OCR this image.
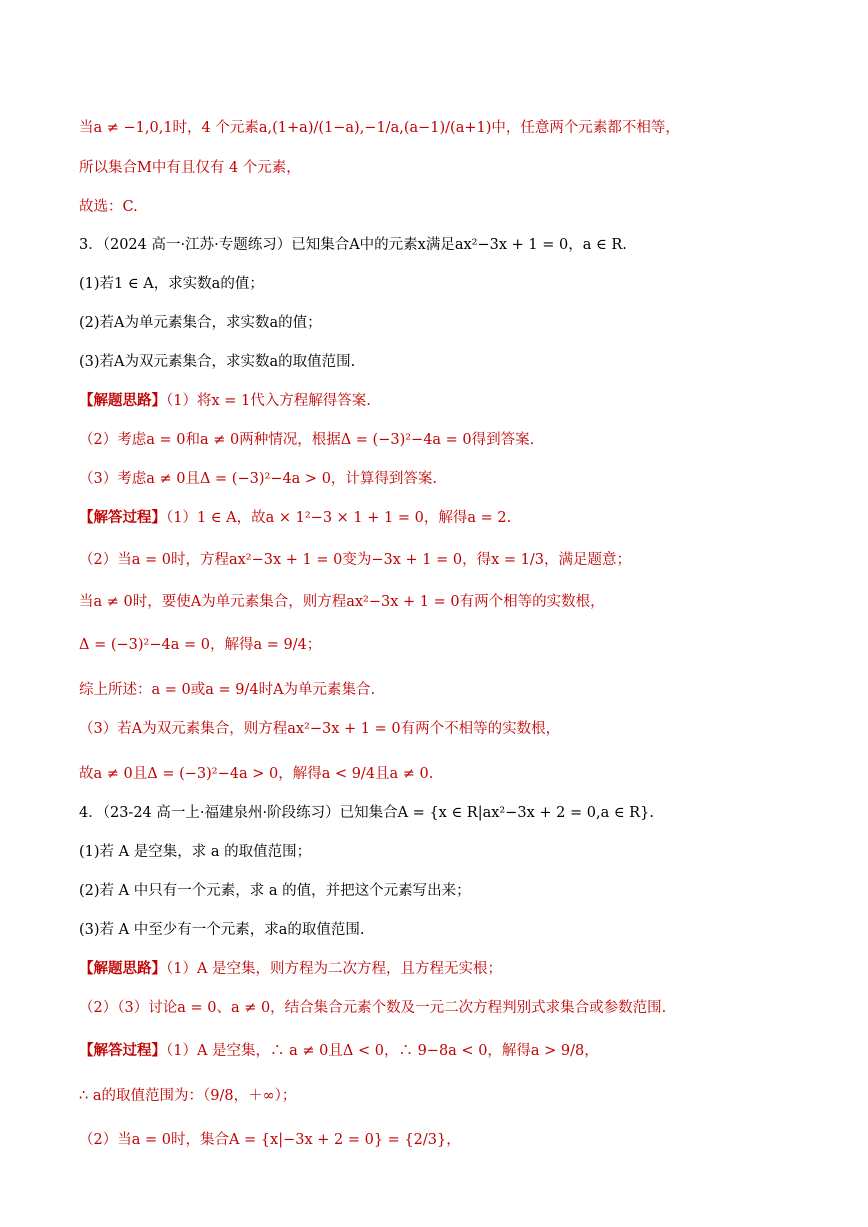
当a ≠ −1,0,1时，4 个元素a,(1+a)/(1−a),−1/a,(a−1)/(a+1)中，任意两个元素都不相等，
所以集合M中有且仅有 4 个元素，
故选：C.
3．（2024 高一·江苏·专题练习）已知集合A中的元素x满足ax²−3x + 1 = 0，a ∈ R.
(1)若1 ∈ A，求实数a的值；
(2)若A为单元素集合，求实数a的值；
(3)若A为双元素集合，求实数a的取值范围.
【解题思路】（1）将x = 1代入方程解得答案.
（2）考虑a = 0和a ≠ 0两种情况，根据Δ = (−3)²−4a = 0得到答案.
（3）考虑a ≠ 0且Δ = (−3)²−4a > 0，计算得到答案.
【解答过程】（1）1 ∈ A，故a × 1²−3 × 1 + 1 = 0，解得a = 2.
（2）当a = 0时，方程ax²−3x + 1 = 0变为−3x + 1 = 0，得x = 1/3，满足题意；
当a ≠ 0时，要使A为单元素集合，则方程ax²−3x + 1 = 0有两个相等的实数根，
Δ = (−3)²−4a = 0，解得a = 9/4；
综上所述：a = 0或a = 9/4时A为单元素集合.
（3）若A为双元素集合，则方程ax²−3x + 1 = 0有两个不相等的实数根，
故a ≠ 0且Δ = (−3)²−4a > 0，解得a < 9/4且a ≠ 0.
4．（23-24 高一上·福建泉州·阶段练习）已知集合A = {x ∈ R|ax²−3x + 2 = 0,a ∈ R}.
(1)若 A 是空集，求 a 的取值范围；
(2)若 A 中只有一个元素，求 a 的值，并把这个元素写出来；
(3)若 A 中至少有一个元素，求a的取值范围.
【解题思路】（1）A 是空集，则方程为二次方程，且方程无实根；
（2）（3）讨论a = 0、a ≠ 0，结合集合元素个数及一元二次方程判别式求集合或参数范围.
【解答过程】（1）A 是空集，∴ a ≠ 0且Δ < 0，∴ 9−8a < 0，解得a > 9/8，
∴ a的取值范围为：（9/8，＋∞）；
（2）当a = 0时，集合A = {x|−3x + 2 = 0} = {2/3}，
